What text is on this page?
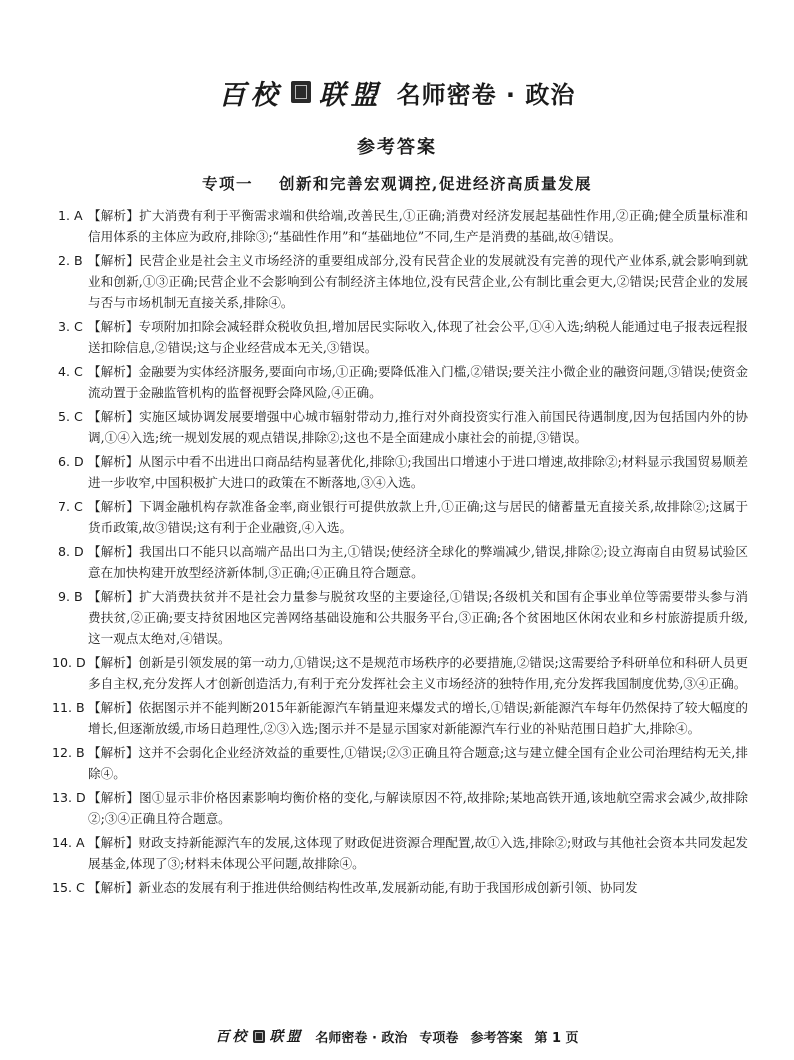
百校 联盟 名师密卷 · 政治
参考答案
专项一 创新和完善宏观调控,促进经济高质量发展
1. A 【解析】扩大消费有利于平衡需求端和供给端,改善民生,①正确;消费对经济发展起基础性作用,②正确;健全质量标准和信用体系的主体应为政府,排除③;“基础性作用”和“基础地位”不同,生产是消费的基础,故④错误。
2. B 【解析】民营企业是社会主义市场经济的重要组成部分,没有民营企业的发展就没有完善的现代产业体系,就会影响到就业和创新,①③正确;民营企业不会影响到公有制经济主体地位,没有民营企业,公有制比重会更大,②错误;民营企业的发展与否与市场机制无直接关系,排除④。
3. C 【解析】专项附加扣除会减轻群众税收负担,增加居民实际收入,体现了社会公平,①④入选;纳税人能通过电子报表远程报送扣除信息,②错误;这与企业经营成本无关,③错误。
4. C 【解析】金融要为实体经济服务,要面向市场,①正确;要降低准入门槛,②错误;要关注小微企业的融资问题,③错误;使资金流动置于金融监管机构的监督视野会降风险,④正确。
5. C 【解析】实施区域协调发展要增强中心城市辐射带动力,推行对外商投资实行准入前国民待遇制度,因为包括国内外的协调,①④入选;统一规划发展的观点错误,排除②;这也不是全面建成小康社会的前提,③错误。
6. D 【解析】从图示中看不出进出口商品结构显著优化,排除①;我国出口增速小于进口增速,故排除②;材料显示我国贸易顺差进一步收窄,中国积极扩大进口的政策在不断落地,③④入选。
7. C 【解析】下调金融机构存款准备金率,商业银行可提供放款上升,①正确;这与居民的储蓄量无直接关系,故排除②;这属于货币政策,故③错误;这有利于企业融资,④入选。
8. D 【解析】我国出口不能只以高端产品出口为主,①错误;使经济全球化的弊端减少,错误,排除②;设立海南自由贸易试验区意在加快构建开放型经济新体制,③正确;④正确且符合题意。
9. B 【解析】扩大消费扶贫并不是社会力量参与脱贫攻坚的主要途径,①错误;各级机关和国有企事业单位等需要带头参与消费扶贫,②正确;要支持贫困地区完善网络基础设施和公共服务平台,③正确;各个贫困地区休闲农业和乡村旅游提质升级,这一观点太绝对,④错误。
10. D 【解析】创新是引领发展的第一动力,①错误;这不是规范市场秩序的必要措施,②错误;这需要给予科研单位和科研人员更多自主权,充分发挥人才创新创造活力,有利于充分发挥社会主义市场经济的独特作用,充分发挥我国制度优势,③④正确。
11. B 【解析】依据图示并不能判断2015年新能源汽车销量迎来爆发式的增长,①错误;新能源汽车每年仍然保持了较大幅度的增长,但逐渐放缓,市场日趋理性,②③入选;图示并不是显示国家对新能源汽车行业的补贴范围日趋扩大,排除④。
12. B 【解析】这并不会弱化企业经济效益的重要性,①错误;②③正确且符合题意;这与建立健全国有企业公司治理结构无关,排除④。
13. D 【解析】图①显示非价格因素影响均衡价格的变化,与解读原因不符,故排除;某地高铁开通,该地航空需求会减少,故排除②;③④正确且符合题意。
14. A 【解析】财政支持新能源汽车的发展,这体现了财政促进资源合理配置,故①入选,排除②;财政与其他社会资本共同发起发展基金,体现了③;材料未体现公平问题,故排除④。
15. C 【解析】新业态的发展有利于推进供给侧结构性改革,发展新动能,有助于我国形成创新引领、协同发
百校 联盟 名师密卷 · 政治 专项卷 参考答案 第 1 页
